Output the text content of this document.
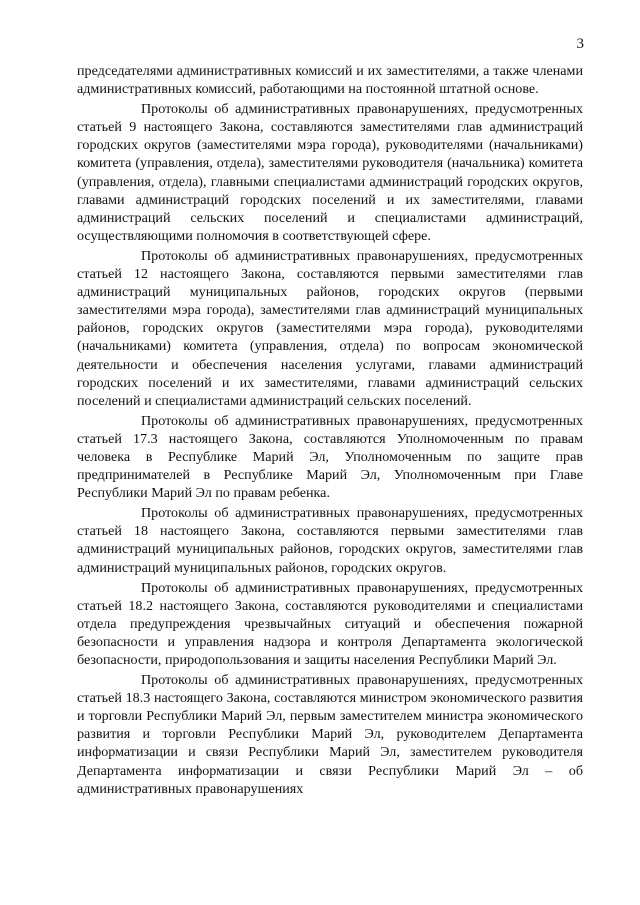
3

председателями административных комиссий и их заместителями, а также членами административных комиссий, работающими на постоянной штатной основе.

Протоколы об административных правонарушениях, предусмотренных статьей 9 настоящего Закона, составляются заместителями глав администраций городских округов (заместителями мэра города), руководителями (начальниками) комитета (управления, отдела), заместителями руководителя (начальника) комитета (управления, отдела), главными специалистами администраций городских округов, главами администраций городских поселений и их заместителями, главами администраций сельских поселений и специалистами администраций, осуществляющими полномочия в соответствующей сфере.

Протоколы об административных правонарушениях, предусмотренных статьей 12 настоящего Закона, составляются первыми заместителями глав администраций муниципальных районов, городских округов (первыми заместителями мэра города), заместителями глав администраций муниципальных районов, городских округов (заместителями мэра города), руководителями (начальниками) комитета (управления, отдела) по вопросам экономической деятельности и обеспечения населения услугами, главами администраций городских поселений и их заместителями, главами администраций сельских поселений и специалистами администраций сельских поселений.

Протоколы об административных правонарушениях, предусмотренных статьей 17.3 настоящего Закона, составляются Уполномоченным по правам человека в Республике Марий Эл, Уполномоченным по защите прав предпринимателей в Республике Марий Эл, Уполномоченным при Главе Республики Марий Эл по правам ребенка.

Протоколы об административных правонарушениях, предусмотренных статьей 18 настоящего Закона, составляются первыми заместителями глав администраций муниципальных районов, городских округов, заместителями глав администраций муниципальных районов, городских округов.

Протоколы об административных правонарушениях, предусмотренных статьей 18.2 настоящего Закона, составляются руководителями и специалистами отдела предупреждения чрезвычайных ситуаций и обеспечения пожарной безопасности и управления надзора и контроля Департамента экологической безопасности, природопользования и защиты населения Республики Марий Эл.

Протоколы об административных правонарушениях, предусмотренных статьей 18.3 настоящего Закона, составляются министром экономического развития и торговли Республики Марий Эл, первым заместителем министра экономического развития и торговли Республики Марий Эл, руководителем Департамента информатизации и связи Республики Марий Эл, заместителем руководителя Департамента информатизации и связи Республики Марий Эл – об административных правонарушениях
